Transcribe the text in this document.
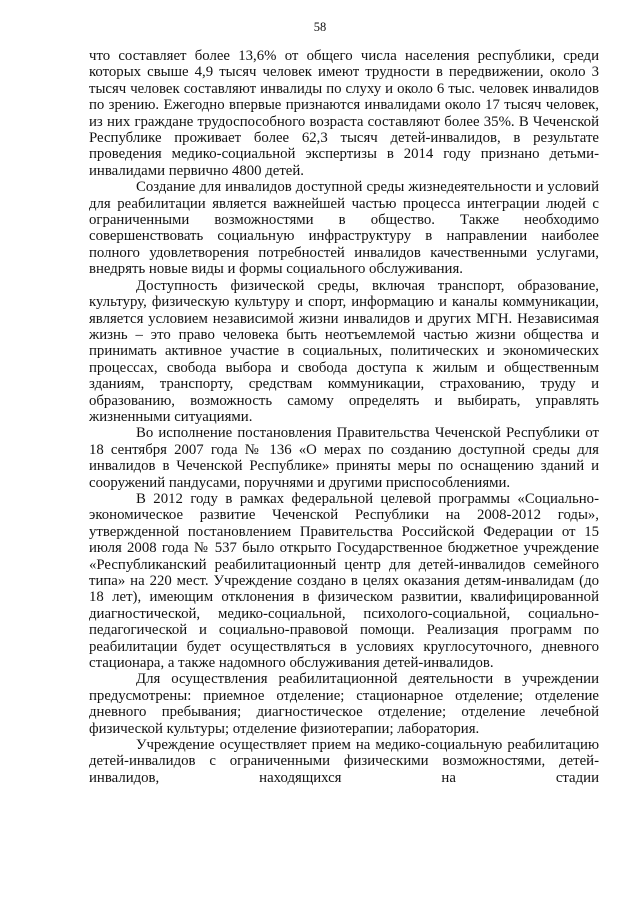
58

что составляет более 13,6% от общего числа населения республики, среди которых свыше 4,9 тысяч человек имеют трудности в передвижении, около 3 тысяч человек составляют инвалиды по слуху и около 6 тыс. человек инвалидов по зрению. Ежегодно впервые признаются инвалидами около 17 тысяч человек, из них граждане трудоспособного возраста составляют более 35%. В Чеченской Республике проживает более 62,3 тысяч детей-инвалидов, в результате проведения медико-социальной экспертизы в 2014 году признано детьми-инвалидами первично 4800 детей.

Создание для инвалидов доступной среды жизнедеятельности и условий для реабилитации является важнейшей частью процесса интеграции людей с ограниченными возможностями в общество. Также необходимо совершенствовать социальную инфраструктуру в направлении наиболее полного удовлетворения потребностей инвалидов качественными услугами, внедрять новые виды и формы социального обслуживания.

Доступность физической среды, включая транспорт, образование, культуру, физическую культуру и спорт, информацию и каналы коммуникации, является условием независимой жизни инвалидов и других МГН. Независимая жизнь – это право человека быть неотъемлемой частью жизни общества и принимать активное участие в социальных, политических и экономических процессах, свобода выбора и свобода доступа к жилым и общественным зданиям, транспорту, средствам коммуникации, страхованию, труду и образованию, возможность самому определять и выбирать, управлять жизненными ситуациями.

Во исполнение постановления Правительства Чеченской Республики от 18 сентября 2007 года № 136 «О мерах по созданию доступной среды для инвалидов в Чеченской Республике» приняты меры по оснащению зданий и сооружений пандусами, поручнями и другими приспособлениями.

В 2012 году в рамках федеральной целевой программы «Социально-экономическое развитие Чеченской Республики на 2008-2012 годы», утвержденной постановлением Правительства Российской Федерации от 15 июля 2008 года № 537 было открыто Государственное бюджетное учреждение «Республиканский реабилитационный центр для детей-инвалидов семейного типа» на 220 мест. Учреждение создано в целях оказания детям-инвалидам (до 18 лет), имеющим отклонения в физическом развитии, квалифицированной диагностической, медико-социальной, психолого-социальной, социально-педагогической и социально-правовой помощи. Реализация программ по реабилитации будет осуществляться в условиях круглосуточного, дневного стационара, а также надомного обслуживания детей-инвалидов.

Для осуществления реабилитационной деятельности в учреждении предусмотрены: приемное отделение; стационарное отделение; отделение дневного пребывания; диагностическое отделение; отделение лечебной физической культуры; отделение физиотерапии; лаборатория.

Учреждение осуществляет прием на медико-социальную реабилитацию детей-инвалидов с ограниченными физическими возможностями, детей-инвалидов, находящихся на стадии
